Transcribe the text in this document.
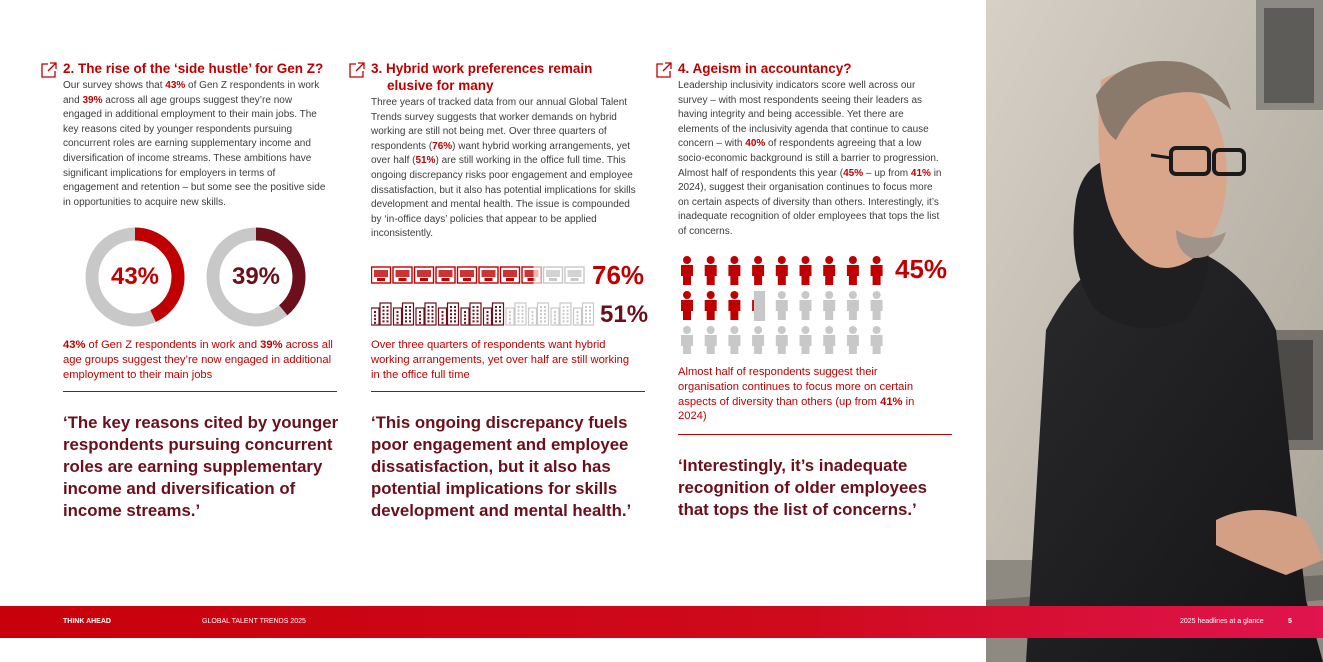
2. The rise of the ‘side hustle’ for Gen Z?

Our survey shows that 43% of Gen Z respondents in work and 39% across all age groups suggest they’re now engaged in additional employment to their main jobs. The key reasons cited by younger respondents pursuing concurrent roles are earning supplementary income and diversification of income streams. These ambitions have significant implications for employers in terms of engagement and retention – but some see the positive side in opportunities to acquire new skills.

43%	39%

43% of Gen Z respondents in work and 39% across all age groups suggest they’re now engaged in additional employment to their main jobs

‘The key reasons cited by younger respondents pursuing concurrent roles are earning supplementary income and diversification of income streams.’

3. Hybrid work preferences remain
elusive for many

Three years of tracked data from our annual Global Talent Trends survey suggests that worker demands on hybrid working are still not being met. Over three quarters of respondents (76%) want hybrid working arrangements, yet over half (51%) are still working in the office full time. This ongoing discrepancy risks poor engagement and employee dissatisfaction, but it also has potential implications for skills development and mental health. The issue is compounded by ‘in-office days’ policies that appear to be applied inconsistently.

76%
51%

Over three quarters of respondents want hybrid working arrangements, yet over half are still working in the office full time

‘This ongoing discrepancy fuels poor engagement and employee dissatisfaction, but it also has potential implications for skills development and mental health.’

4. Ageism in accountancy?

Leadership inclusivity indicators score well across our survey – with most respondents seeing their leaders as having integrity and being accessible. Yet there are elements of the inclusivity agenda that continue to cause concern – with 40% of respondents agreeing that a low socio-economic background is still a barrier to progression. Almost half of respondents this year (45% – up from 41% in 2024), suggest their organisation continues to focus more on certain aspects of diversity than others. Interestingly, it’s inadequate recognition of older employees that tops the list of concerns.

45%

Almost half of respondents suggest their organisation continues to focus more on certain aspects of diversity than others (up from 41% in 2024)

‘Interestingly, it’s inadequate recognition of older employees that tops the list of concerns.’

THINK AHEAD	GLOBAL TALENT TRENDS 2025	2025 headlines at a glance	5
